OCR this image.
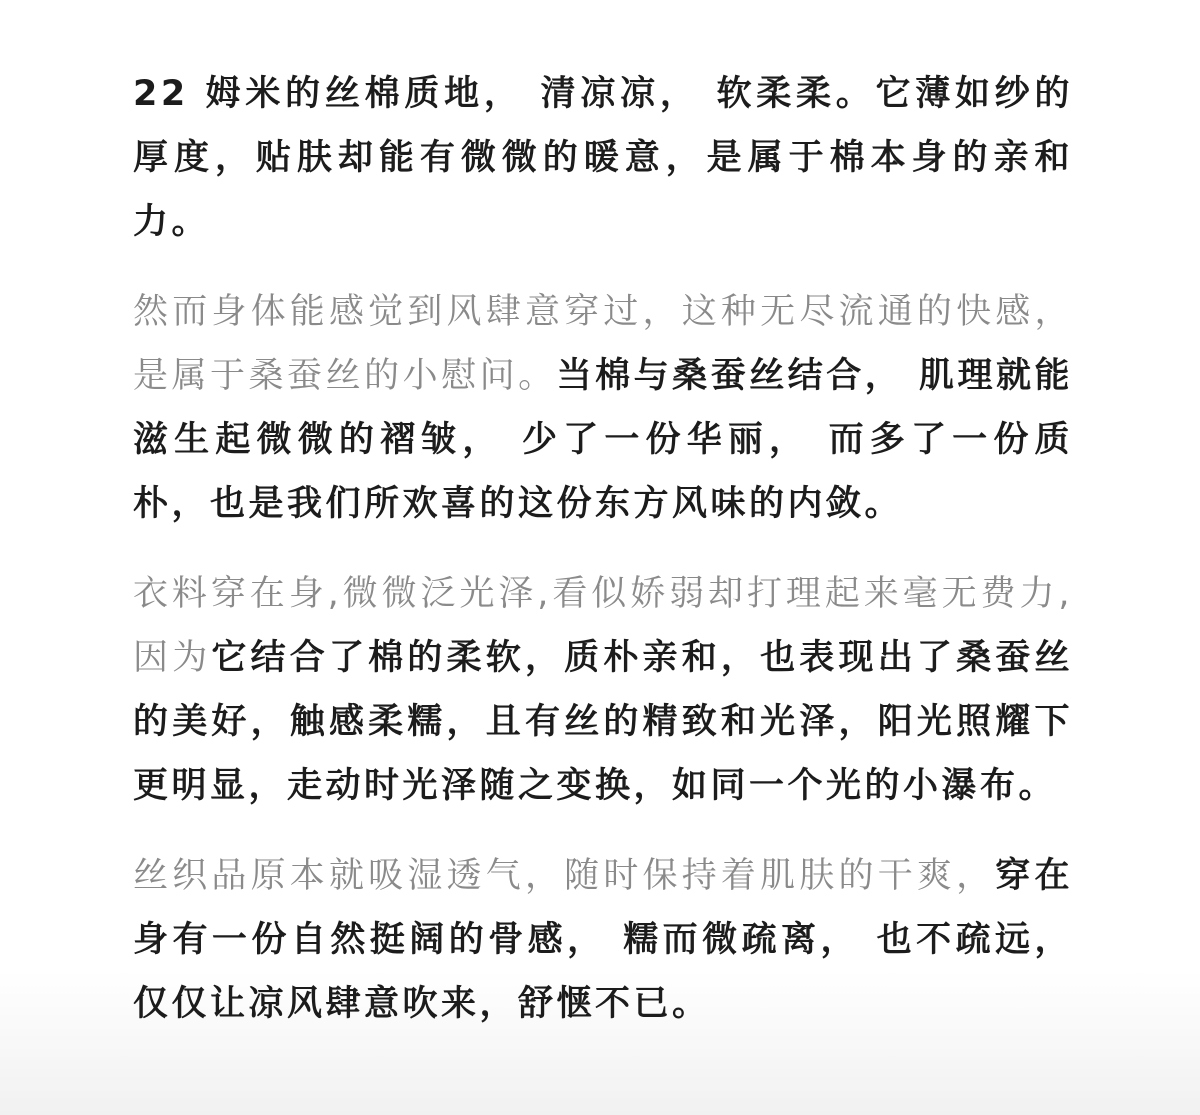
22 姆米的丝棉质地， 清凉凉， 软柔柔。它薄如纱的厚度，贴肤却能有微微的暖意，是属于棉本身的亲和力。

然而身体能感觉到风肆意穿过，这种无尽流通的快感，是属于桑蚕丝的小慰问。当棉与桑蚕丝结合， 肌理就能滋生起微微的褶皱， 少了一份华丽， 而多了一份质朴，也是我们所欢喜的这份东方风味的内敛。

衣料穿在身,微微泛光泽,看似娇弱却打理起来毫无费力,因为它结合了棉的柔软，质朴亲和，也表现出了桑蚕丝的美好，触感柔糯，且有丝的精致和光泽，阳光照耀下更明显，走动时光泽随之变换，如同一个光的小瀑布。

丝织品原本就吸湿透气，随时保持着肌肤的干爽，穿在身有一份自然挺阔的骨感， 糯而微疏离， 也不疏远，仅仅让凉风肆意吹来，舒惬不已。
